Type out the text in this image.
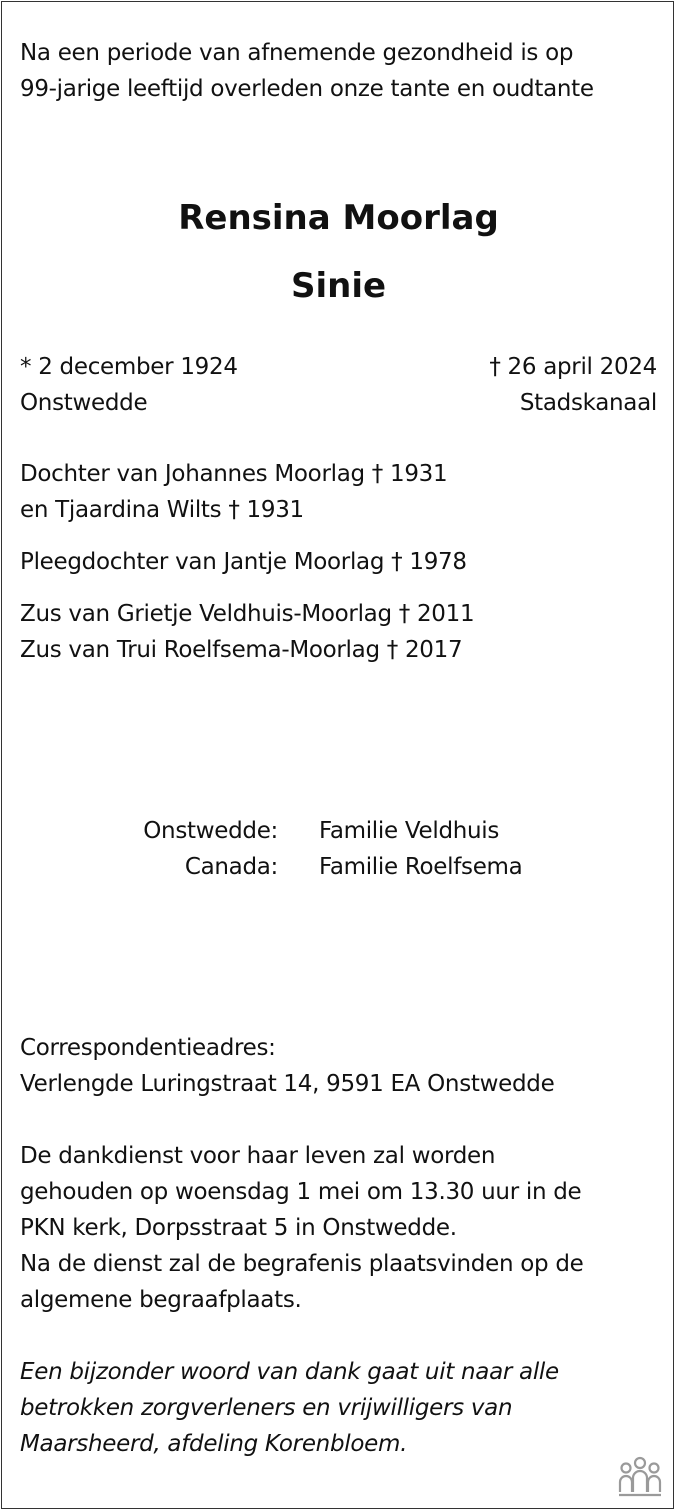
Na een periode van afnemende gezondheid is op
99-jarige leeftijd overleden onze tante en oudtante
Rensina Moorlag
Sinie
* 2 december 1924
Onstwedde
† 26 april 2024
Stadskanaal
Dochter van Johannes Moorlag † 1931
en Tjaardina Wilts † 1931
Pleegdochter van Jantje Moorlag † 1978
Zus van Grietje Veldhuis-Moorlag † 2011
Zus van Trui Roelfsema-Moorlag † 2017
Onstwedde: Familie Veldhuis
Canada: Familie Roelfsema
Correspondentieadres:
Verlengde Luringstraat 14, 9591 EA Onstwedde
De dankdienst voor haar leven zal worden
gehouden op woensdag 1 mei om 13.30 uur in de
PKN kerk, Dorpsstraat 5 in Onstwedde.
Na de dienst zal de begrafenis plaatsvinden op de
algemene begraafplaats.
Een bijzonder woord van dank gaat uit naar alle
betrokken zorgverleners en vrijwilligers van
Maarsheerd, afdeling Korenbloem.
